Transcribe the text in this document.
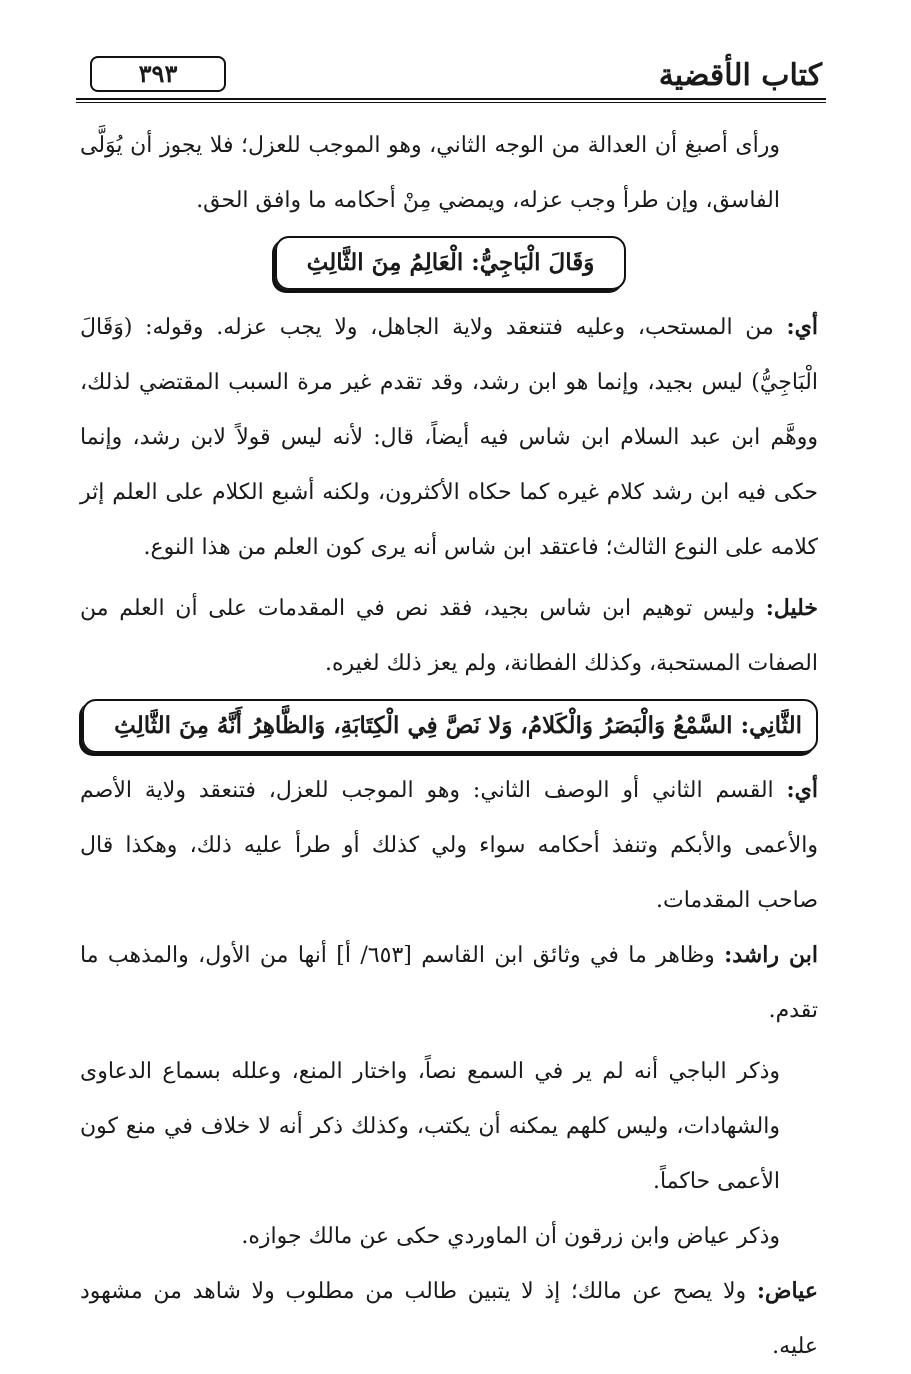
كتاب الأقضية
٣٩٣

ورأى أصبغ أن العدالة من الوجه الثاني، وهو الموجب للعزل؛ فلا يجوز أن يُوَلَّى الفاسق، وإن طرأ وجب عزله، ويمضي مِنْ أحكامه ما وافق الحق.

وَقَالَ الْبَاجِيُّ: الْعَالِمُ مِنَ الثَّالِثِ

أي: من المستحب، وعليه فتنعقد ولاية الجاهل، ولا يجب عزله. وقوله: (وَقَالَ الْبَاجِيُّ) ليس بجيد، وإنما هو ابن رشد، وقد تقدم غير مرة السبب المقتضي لذلك، ووهَّم ابن عبد السلام ابن شاس فيه أيضاً، قال: لأنه ليس قولاً لابن رشد، وإنما حكى فيه ابن رشد كلام غيره كما حكاه الأكثرون، ولكنه أشبع الكلام على العلم إثر كلامه على النوع الثالث؛ فاعتقد ابن شاس أنه يرى كون العلم من هذا النوع.

خليل: وليس توهيم ابن شاس بجيد، فقد نص في المقدمات على أن العلم من الصفات المستحبة، وكذلك الفطانة، ولم يعز ذلك لغيره.

الثَّانِي: السَّمْعُ وَالْبَصَرُ وَالْكَلامُ، وَلا نَصَّ فِي الْكِتَابَةِ، وَالظَّاهِرُ أَنَّهُ مِنَ الثَّالِثِ

أي: القسم الثاني أو الوصف الثاني: وهو الموجب للعزل، فتنعقد ولاية الأصم والأعمى والأبكم وتنفذ أحكامه سواء ولي كذلك أو طرأ عليه ذلك، وهكذا قال صاحب المقدمات.

ابن راشد: وظاهر ما في وثائق ابن القاسم [٦٥٣/ أ] أنها من الأول، والمذهب ما تقدم.

وذكر الباجي أنه لم ير في السمع نصاً، واختار المنع، وعلله بسماع الدعاوى والشهادات، وليس كلهم يمكنه أن يكتب، وكذلك ذكر أنه لا خلاف في منع كون الأعمى حاكماً.

وذكر عياض وابن زرقون أن الماوردي حكى عن مالك جوازه.

عياض: ولا يصح عن مالك؛ إذ لا يتبين طالب من مطلوب ولا شاهد من مشهود عليه.
